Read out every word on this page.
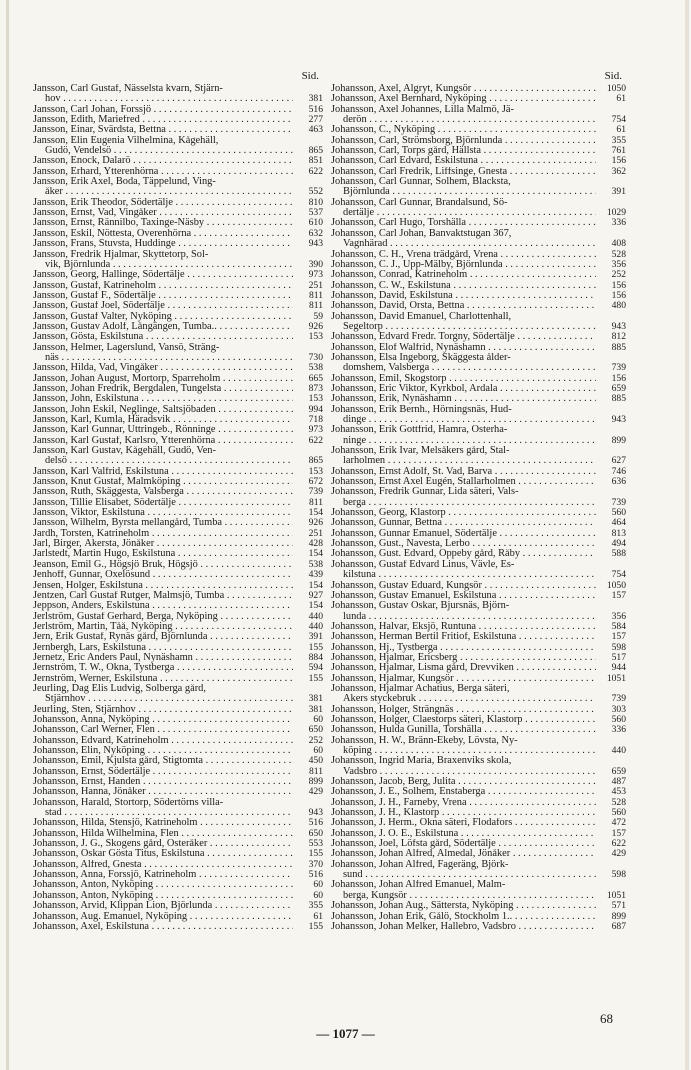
Sid.
Jansson, Carl Gustaf, Nässelsta kvarn, Stjärn-
hov . . .	381
Jansson, Carl Johan, Forssjö . . .	516
Jansson, Edith, Mariefred . . .	277
Jansson, Einar, Svärdsta, Bettna . . .	463
Jansson, Elin Eugenia Vilhelmina, Kågehäll,
Gudö, Vendelsö . . .	865
Jansson, Enock, Dalarö . . .	851
Jansson, Erhard, Ytterenhörna . . .	622
Jansson, Erik Axel, Boda, Täppelund, Ving-
åker . . .	552
Jansson, Erik Theodor, Södertälje . . .	810
Jansson, Ernst, Vad, Vingåker . . .	537
Jansson, Ernst, Rännilbo, Taxinge-Näsby . . .	610
Jansson, Eskil, Nöttesta, Överenhörna . . .	632
Jansson, Frans, Stuvsta, Huddinge . . .	943
Jansson, Fredrik Hjalmar, Skyttetorp, Sol-
vik, Björnlunda . . .	390
Jansson, Georg, Hallinge, Södertälje . . .	973
Jansson, Gustaf, Katrineholm . . .	251
Jansson, Gustaf F., Södertälje . . .	811
Jansson, Gustaf Joel, Södertälje . . .	811
Jansson, Gustaf Valter, Nyköping . . .	59
Jansson, Gustav Adolf, Långängen, Tumba.. . . .	926
Jansson, Gösta, Eskilstuna . . .	153
Jansson, Helmer, Lagerslund, Vansö, Sträng-
näs . . .	730
Jansson, Hilda, Vad, Vingåker . . .	538
Jansson, Johan August, Mortorp, Sparreholm . . .	665
Jansson, Johan Fredrik, Bergdalen, Tungelsta . . .	873
Jansson, John, Eskilstuna . . .	153
Jansson, John Eskil, Neglinge, Saltsjöbaden . . .	994
Jansson, Karl, Kumla, Häradsvik . . .	718
Jansson, Karl Gunnar, Uttringeb., Rönninge . . .	973
Jansson, Karl Gustaf, Karlsro, Ytterenhörna . . .	622
Jansson, Karl Gustav, Kågehäll, Gudö, Ven-
delsö . . .	865
Jansson, Karl Valfrid, Eskilstuna . . .	153
Jansson, Knut Gustaf, Malmköping . . .	672
Jansson, Ruth, Skäggesta, Valsberga . . .	739
Jansson, Tillie Elisabet, Södertälje . . .	811
Jansson, Viktor, Eskilstuna . . .	154
Jansson, Wilhelm, Byrsta mellangård, Tumba . . .	926
Jardh, Torsten, Katrineholm . . .	251
Jarl, Birger, Åkersta, Jönåker . . .	428
Jarlstedt, Martin Hugo, Eskilstuna . . .	154
Jeanson, Emil G., Högsjö Bruk, Högsjö . . .	538
Jenhoff, Gunnar, Oxelösund . . .	439
Jensen, Holger, Eskilstuna . . .	154
Jentzen, Carl Gustaf Rutger, Malmsjö, Tumba . . .	927
Jeppson, Anders, Eskilstuna . . .	154
Jerlström, Gustaf Gerhard, Berga, Nyköping . . .	440
Jerlström, Martin, Tåå, Nyköping . . .	440
Jern, Erik Gustaf, Rynäs gård, Björnlunda . . .	391
Jernbergh, Lars, Eskilstuna . . .	155
Jernetz, Eric Anders Paul, Nynäshamn . . .	884
Jernström, T. W., Ökna, Tystberga . . .	594
Jernström, Werner, Eskilstuna . . .	155
Jeurling, Dag Elis Ludvig, Solberga gård,
Stjärnhov . . .	381
Jeurling, Sten, Stjärnhov . . .	381
Johansson, Anna, Nyköping . . .	60
Johansson, Carl Werner, Flen . . .	650
Johansson, Edvard, Katrineholm . . .	252
Johansson, Elin, Nyköping . . .	60
Johansson, Emil, Kjulsta gård, Stigtomta . . .	450
Johansson, Ernst, Södertälje . . .	811
Johansson, Ernst, Handen . . .	899
Johansson, Hanna, Jönåker . . .	429
Johansson, Harald, Stortorp, Södertörns villa-
stad . . .	943
Johansson, Hilda, Stensjö, Katrineholm . . .	516
Johansson, Hilda Wilhelmina, Flen . . .	650
Johansson, J. G., Skogens gård, Österåker . . .	553
Johansson, Oskar Gösta Titus, Eskilstuna . . .	155
Johansson, Alfred, Gnesta . . .	370
Johansson, Anna, Forssjö, Katrineholm . . .	516
Johansson, Anton, Nyköping . . .	60
Johansson, Anton, Nyköping . . .	60
Johansson, Arvid, Klippan Lion, Björlunda . . .	355
Johansson, Aug. Emanuel, Nyköping . . .	61
Johansson, Axel, Eskilstuna . . .	155
Sid.
Johansson, Axel, Algryt, Kungsör . . .	1050
Johansson, Axel Bernhard, Nyköping . . .	61
Johansson, Axel Johannes, Lilla Malmö, Jä-
derön . . .	754
Johansson, C., Nyköping . . .	61
Johansson, Carl, Strömsborg, Björnlunda . . .	355
Johansson, Carl, Torps gård, Hällsta . . .	761
Johansson, Carl Edvard, Eskilstuna . . .	156
Johansson, Carl Fredrik, Liffsinge, Gnesta . . .	362
Johansson, Carl Gunnar, Solhem, Blacksta,
Björnlunda . . .	391
Johansson, Carl Gunnar, Brandalsund, Sö-
dertälje . . .	1029
Johansson, Carl Hugo, Torshälla . . .	336
Johansson, Carl Johan, Banvaktstugan 367,
Vagnhärad . . .	408
Johansson, C. H., Vrena trädgård, Vrena . . .	528
Johansson, C. J., Upp-Mälby, Björnlunda . . .	356
Johansson, Conrad, Katrineholm . . .	252
Johansson, C. W., Eskilstuna . . .	156
Johansson, David, Eskilstuna . . .	156
Johansson, David, Örsta, Bettna . . .	480
Johansson, David Emanuel, Charlottenhall,
Segeltorp . . .	943
Johansson, Edvard Fredr. Torgny, Södertälje . . .	812
Johansson, Elof Walfrid, Nynäshamn . . .	885
Johansson, Elsa Ingeborg, Skäggesta ålder-
domshem, Valsberga . . .	739
Johansson, Emil, Skogstorp . . .	156
Johansson, Eric Viktor, Kyrkbol, Ardala . . .	659
Johansson, Erik, Nynäshamn . . .	885
Johansson, Erik Bernh., Hörningsnäs, Hud-
dinge . . .	943
Johansson, Erik Gottfrid, Hamra, Österha-
ninge . . .	899
Johansson, Erik Ivar, Melsåkers gård, Stal-
larholmen . . .	627
Johansson, Ernst Adolf, St. Vad, Barva . . .	746
Johansson, Ernst Axel Eugén, Stallarholmen . . .	636
Johansson, Fredrik Gunnar, Lida säteri, Vals-
berga . . .	739
Johansson, Georg, Klastorp . . .	560
Johansson, Gunnar, Bettna . . .	464
Johansson, Gunnar Emanuel, Södertälje . . .	813
Johansson, Gust., Navesta, Lerbo . . .	494
Johansson, Gust. Edvard, Oppeby gård, Råby . . .	588
Johansson, Gustaf Edvard Linus, Vävle, Es-
kilstuna . . .	754
Johansson, Gustav Eduard, Kungsör . . .	1050
Johansson, Gustav Emanuel, Eskilstuna . . .	157
Johansson, Gustav Oskar, Bjursnäs, Björn-
lunda . . .	356
Johansson, Halvar, Eksjö, Runtuna . . .	584
Johansson, Herman Bertil Fritiof, Eskilstuna . . .	157
Johansson, Hj., Tystberga . . .	598
Johansson, Hjalmar, Ericsberg . . .	517
Johansson, Hjalmar, Lisma gård, Drevviken . . .	944
Johansson, Hjalmar, Kungsör . . .	1051
Johansson, Hjalmar Achatius, Berga säteri,
Åkers styckebruk . . .	739
Johansson, Holger, Strängnäs . . .	303
Johansson, Holger, Claestorps säteri, Klastorp . . .	560
Johansson, Hulda Gunilla, Torshälla . . .	336
Johansson, H. W., Bränn-Ekeby, Lövsta, Ny-
köping . . .	440
Johansson, Ingrid Maria, Braxenviks skola,
Vadsbro . . .	659
Johansson, Jacob, Berg, Julita . . .	487
Johansson, J. E., Solhem, Enstaberga . . .	453
Johansson, J. H., Farneby, Vrena . . .	528
Johansson, J. H., Klastorp . . .	560
Johansson, J. Herm., Ökna säteri, Flodafors . . .	472
Johansson, J. O. E., Eskilstuna . . .	157
Johansson, Joel, Löfsta gård, Södertälje . . .	622
Johansson, Johan Alfred, Almedal, Jönåker . . .	429
Johansson, Johan Alfred, Fageräng, Björk-
sund . . .	598
Johansson, Johan Alfred Emanuel, Malm-
berga, Kungsör . . .	1051
Johansson, Johan Aug., Sättersta, Nyköping . . .	571
Johansson, Johan Erik, Gålö, Stockholm 1.. . . .	899
Johansson, Johan Melker, Hallebro, Vadsbro . . .	687
68
— 1077 —
